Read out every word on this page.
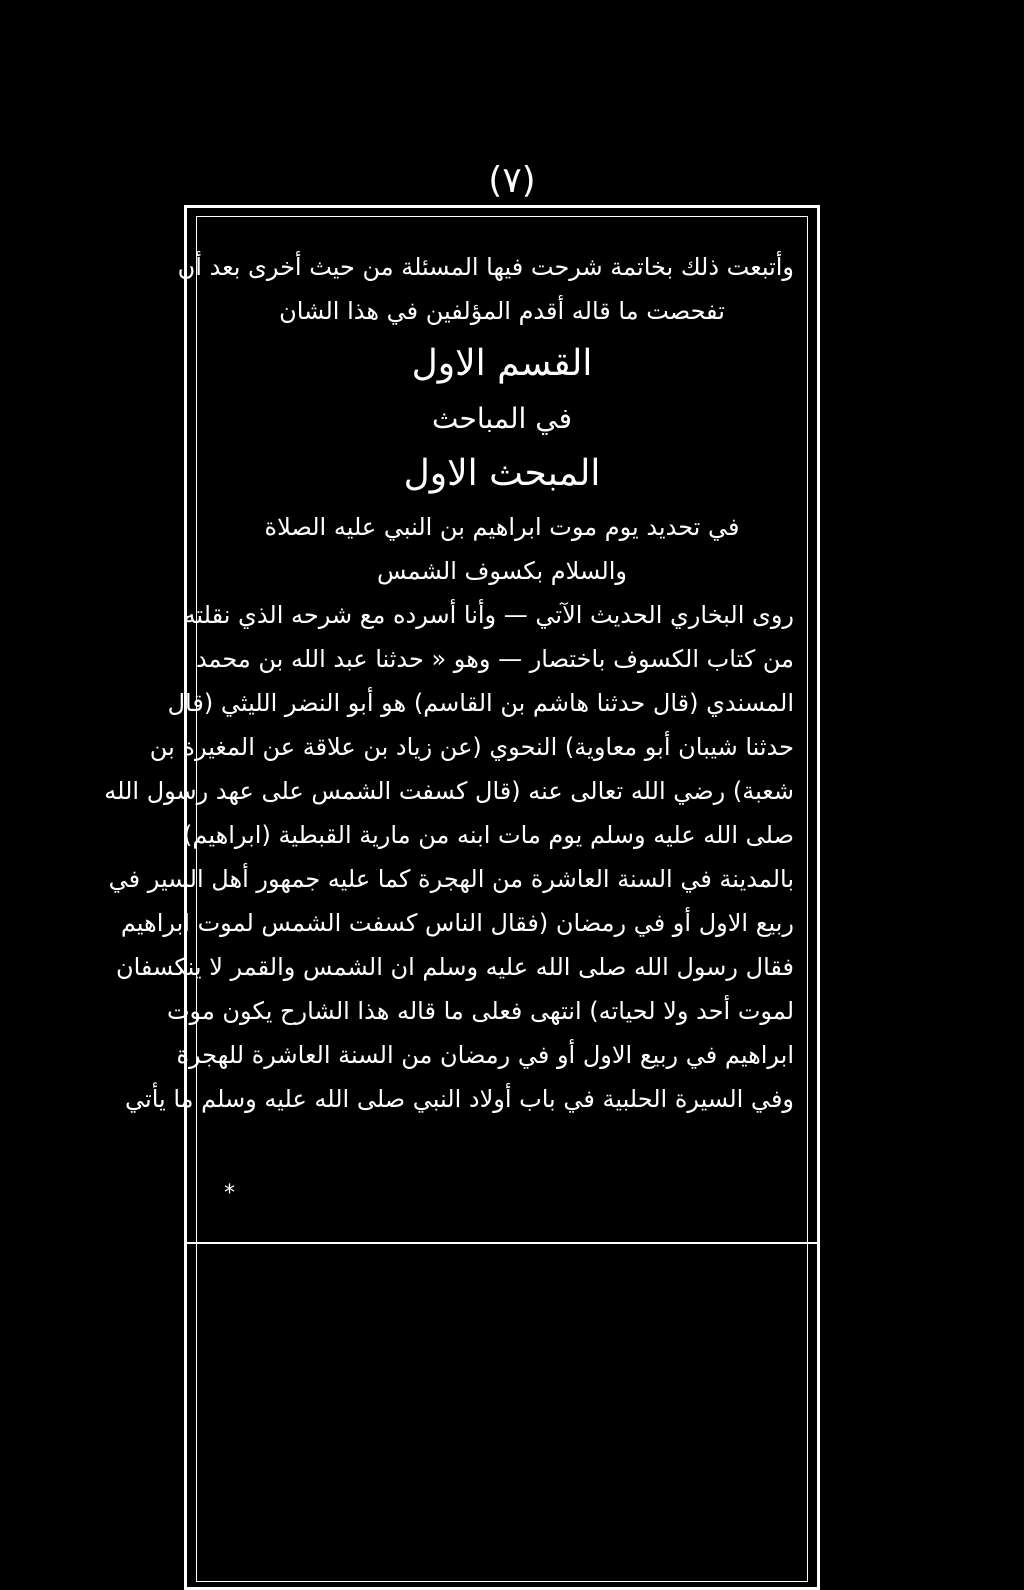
(٧)
وأتبعت ذلك بخاتمة شرحت فيها المسئلة من حيث أخرى بعد أن
تفحصت ما قاله أقدم المؤلفين في هذا الشان
القسم الاول
في المباحث
المبحث الاول
في تحديد يوم موت ابراهيم بن النبي عليه الصلاة
والسلام بكسوف الشمس
روى البخاري الحديث الآتي — وأنا أسرده مع شرحه الذي نقلته
من كتاب الكسوف باختصار — وهو « حدثنا عبد الله بن محمد
المسندي (قال حدثنا هاشم بن القاسم) هو أبو النضر الليثي (قال
حدثنا شيبان أبو معاوية) النحوي (عن زياد بن علاقة عن المغيرة بن
شعبة) رضي الله تعالى عنه (قال كسفت الشمس على عهد رسول الله
صلى الله عليه وسلم يوم مات ابنه من مارية القبطية (ابراهيم)
بالمدينة في السنة العاشرة من الهجرة كما عليه جمهور أهل السير في
ربيع الاول أو في رمضان (فقال الناس كسفت الشمس لموت ابراهيم
فقال رسول الله صلى الله عليه وسلم ان الشمس والقمر لا ينكسفان
لموت أحد ولا لحياته) انتهى فعلى ما قاله هذا الشارح يكون موت
ابراهيم في ربيع الاول أو في رمضان من السنة العاشرة للهجرة
وفي السيرة الحلبية في باب أولاد النبي صلى الله عليه وسلم ما يأتي
*
